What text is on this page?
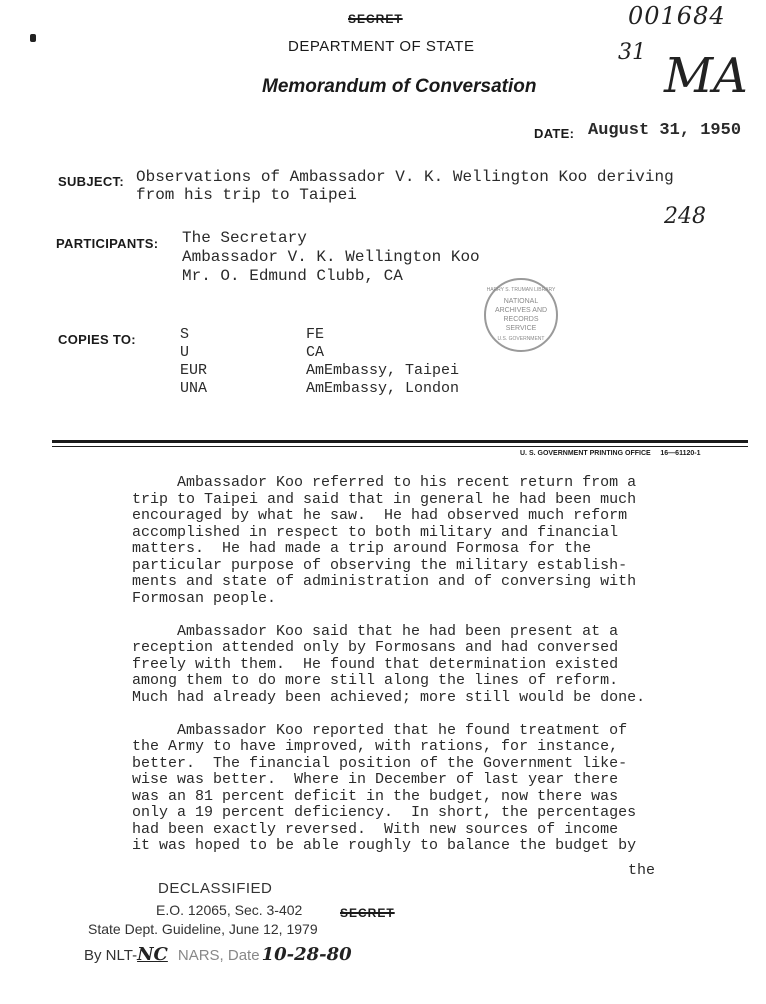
001684
31 MA
248
SECRET
DEPARTMENT OF STATE
Memorandum of Conversation
DATE: August 31, 1950
SUBJECT: Observations of Ambassador V. K. Wellington Koo deriving
from his trip to Taipei
PARTICIPANTS: The Secretary
Ambassador V. K. Wellington Koo
Mr. O. Edmund Clubb, CA
HARRY S. TRUMAN LIBRARY
NATIONAL ARCHIVES AND RECORDS SERVICE
U.S. GOVERNMENT
COPIES TO:	S
U
EUR
UNA
FE
CA
AmEmbassy, Taipei
AmEmbassy, London
U. S. GOVERNMENT PRINTING OFFICE     16—61120-1
Ambassador Koo referred to his recent return from a
trip to Taipei and said that in general he had been much
encouraged by what he saw.  He had observed much reform
accomplished in respect to both military and financial
matters.  He had made a trip around Formosa for the
particular purpose of observing the military establish-
ments and state of administration and of conversing with
Formosan people.
Ambassador Koo said that he had been present at a
reception attended only by Formosans and had conversed
freely with them.  He found that determination existed
among them to do more still along the lines of reform.
Much had already been achieved; more still would be done.
Ambassador Koo reported that he found treatment of
the Army to have improved, with rations, for instance,
better.  The financial position of the Government like-
wise was better.  Where in December of last year there
was an 81 percent deficit in the budget, now there was
only a 19 percent deficiency.  In short, the percentages
had been exactly reversed.  With new sources of income
it was hoped to be able roughly to balance the budget by
the
SECRET
DECLASSIFIED
E.O. 12065, Sec. 3-402
State Dept. Guideline, June 12, 1979
By NLT-NC NARS, Date 10-28-80
